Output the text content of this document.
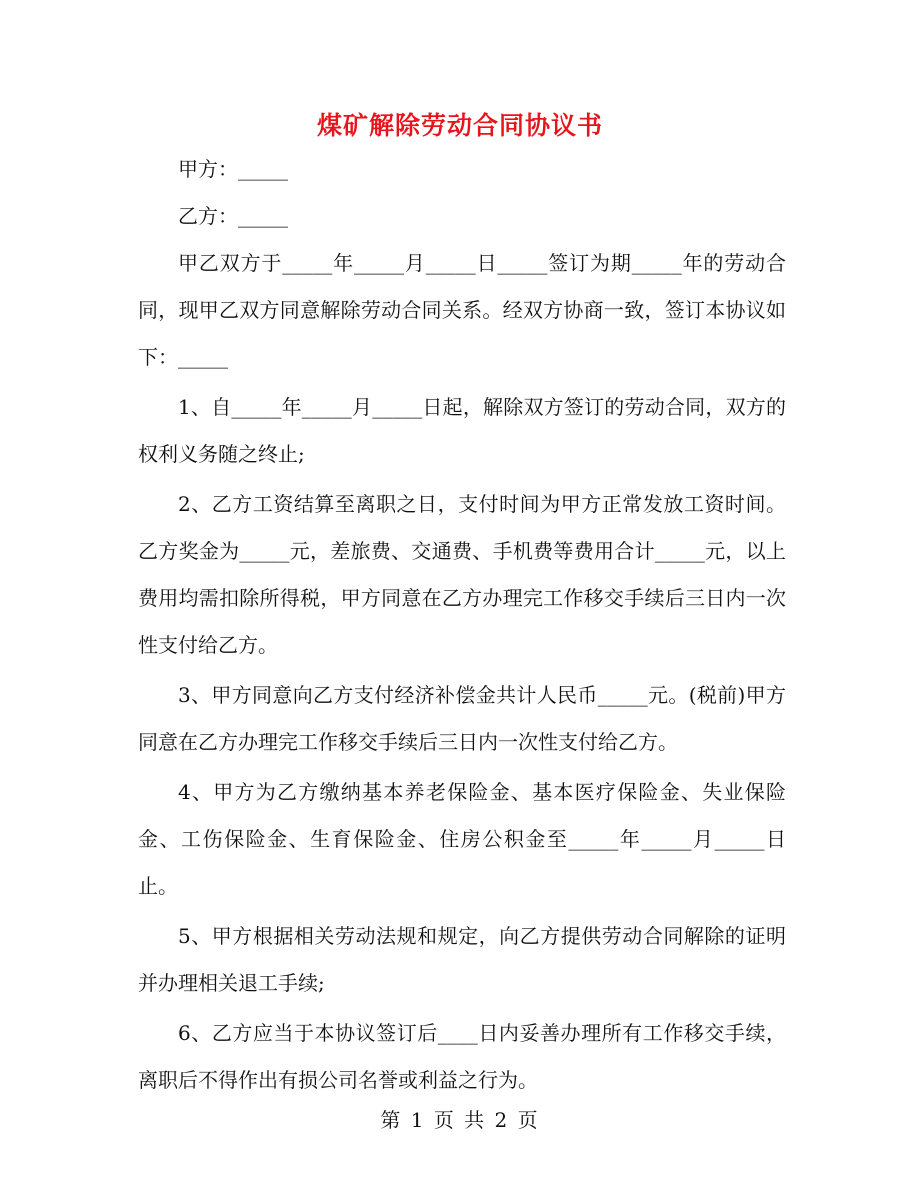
煤矿解除劳动合同协议书

甲方：_____

乙方：_____

甲乙双方于_____年_____月_____日_____签订为期_____年的劳动合同，现甲乙双方同意解除劳动合同关系。经双方协商一致，签订本协议如下：_____

1、自_____年_____月_____日起，解除双方签订的劳动合同，双方的权利义务随之终止;

2、乙方工资结算至离职之日，支付时间为甲方正常发放工资时间。乙方奖金为_____元，差旅费、交通费、手机费等费用合计_____元，以上费用均需扣除所得税，甲方同意在乙方办理完工作移交手续后三日内一次性支付给乙方。

3、甲方同意向乙方支付经济补偿金共计人民币_____元。(税前)甲方同意在乙方办理完工作移交手续后三日内一次性支付给乙方。

4、甲方为乙方缴纳基本养老保险金、基本医疗保险金、失业保险金、工伤保险金、生育保险金、住房公积金至_____年_____月_____日止。

5、甲方根据相关劳动法规和规定，向乙方提供劳动合同解除的证明并办理相关退工手续;

6、乙方应当于本协议签订后____日内妥善办理所有工作移交手续，离职后不得作出有损公司名誉或利益之行为。

第 1 页 共 2 页
